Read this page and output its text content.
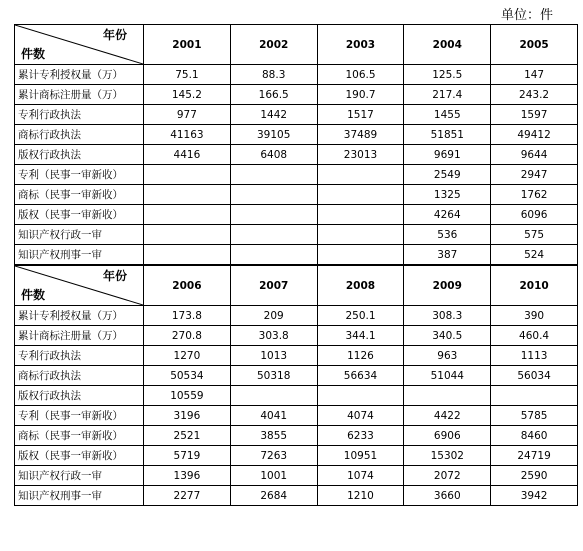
单位：件
年份
件数	2001	2002	2003	2004	2005
累计专利授权量（万）	75.1	88.3	106.5	125.5	147
累计商标注册量（万）	145.2	166.5	190.7	217.4	243.2
专利行政执法	977	1442	1517	1455	1597
商标行政执法	41163	39105	37489	51851	49412
版权行政执法	4416	6408	23013	9691	9644
专利（民事一审新收）				2549	2947
商标（民事一审新收）				1325	1762
版权（民事一审新收）				4264	6096
知识产权行政一审				536	575
知识产权刑事一审				387	524

年份
件数	2006	2007	2008	2009	2010
累计专利授权量（万）	173.8	209	250.1	308.3	390
累计商标注册量（万）	270.8	303.8	344.1	340.5	460.4
专利行政执法	1270	1013	1126	963	1113
商标行政执法	50534	50318	56634	51044	56034
版权行政执法	10559				
专利（民事一审新收）	3196	4041	4074	4422	5785
商标（民事一审新收）	2521	3855	6233	6906	8460
版权（民事一审新收）	5719	7263	10951	15302	24719
知识产权行政一审	1396	1001	1074	2072	2590
知识产权刑事一审	2277	2684	1210	3660	3942
